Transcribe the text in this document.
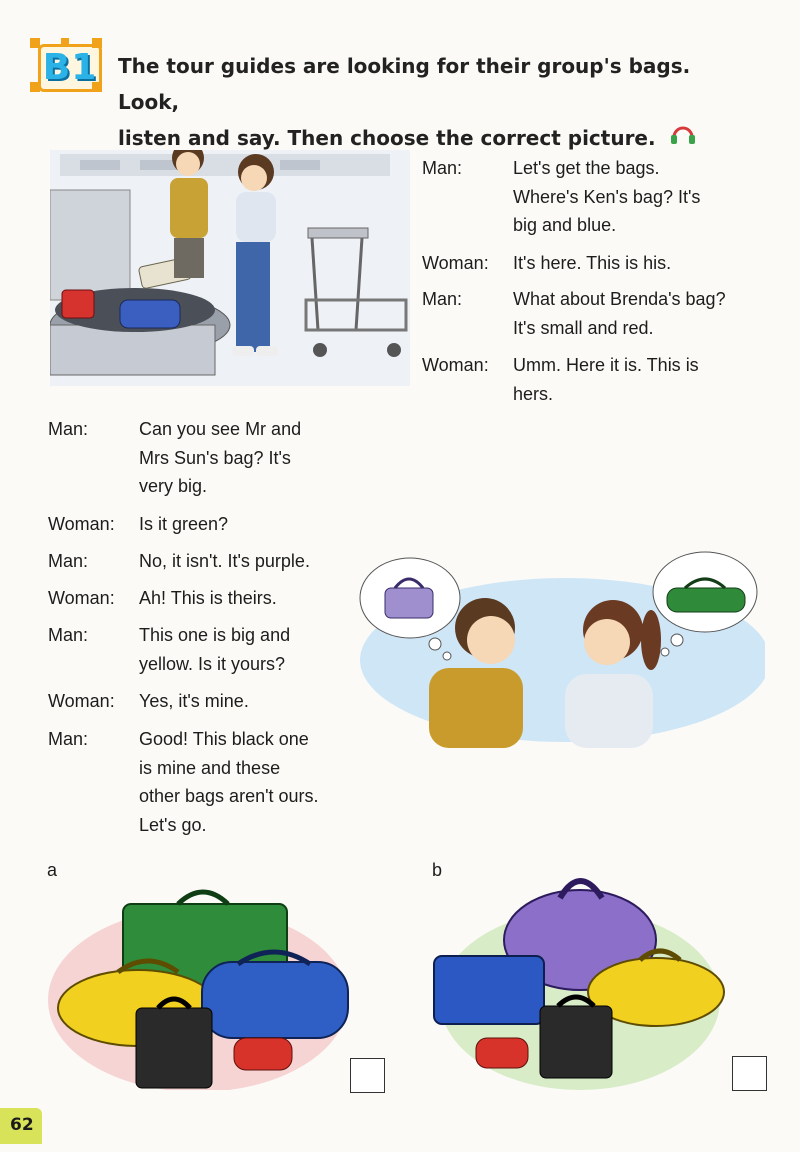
B1 The tour guides are looking for their group's bags. Look,
listen and say. Then choose the correct picture.
Man:	Let's get the bags.
Where's Ken's bag? It's
big and blue.
Woman: It's here. This is his.
Man:	What about Brenda's bag?
It's small and red.
Woman: Umm. Here it is. This is
hers.
Man:	Can you see Mr and
Mrs Sun's bag? It's
very big.
Woman: Is it green?
Man:	No, it isn't. It's purple.
Woman: Ah! This is theirs.
Man:	This one is big and
yellow. Is it yours?
Woman: Yes, it's mine.
Man:	Good! This black one
is mine and these
other bags aren't ours.
Let's go.
a	b
62
